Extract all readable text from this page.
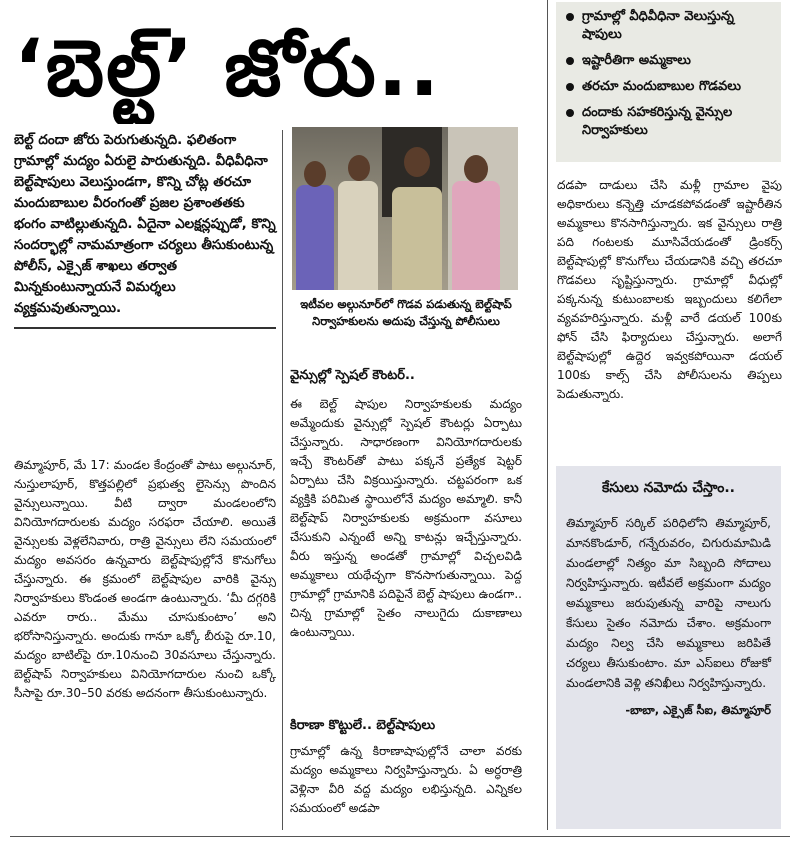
‘బెల్ట్’ జోరు..
గ్రామాల్లో వీధివీధినా వెలుస్తున్న షాపులు
ఇష్టారీతిగా అమ్మకాలు
తరచూ మందుబాబుల గొడవలు
దందాకు సహకరిస్తున్న వైన్సుల నిర్వాహకులు
బెల్ట్ దందా జోరు పెరుగుతున్నది. ఫలితంగా గ్రామాల్లో మద్యం ఏరులై పారుతున్నది. వీధివీధినా బెల్ట్‌షాపులు వెలుస్తుండగా, కొన్ని చోట్ల తరచూ మందుబాబుల వీరంగంతో ప్రజల ప్రశాంతతకు భంగం వాటిల్లుతున్నది. ఏదైనా ఎలక్షన్లప్పుడో, కొన్ని సందర్భాల్లో నామమాత్రంగా చర్యలు తీసుకుంటున్న పోలీస్, ఎక్సైజ్ శాఖలు తర్వాత మిన్నకుంటున్నాయనే విమర్శలు వ్యక్తమవుతున్నాయి.
తిమ్మాపూర్, మే 17: మండల కేంద్రంతో పాటు అల్గునూర్, నుస్తులాపూర్, కొత్తపల్లిలో ప్రభుత్వ లైసెన్సు పొందిన వైన్సులున్నాయి. వీటి ద్వారా మండలంలోని వినియోగదారులకు మద్యం సరఫరా చేయాలి. అయితే వైన్సులకు వెళ్లలేనివారు, రాత్రి వైన్సులు లేని సమయంలో మద్యం అవసరం ఉన్నవారు బెల్ట్‌షాపుల్లోనే కొనుగోలు చేస్తున్నారు. ఈ క్రమంలో బెల్ట్‌షాపుల వారికి వైన్సు నిర్వాహకులు కొండంత అండగా ఉంటున్నారు. ‘మీ దగ్గరికి ఎవరూ రారు.. మేము చూసుకుంటాం’ అని భరోసానిస్తున్నారు. అందుకు గానూ ఒక్కో బీరుపై రూ.10, మద్యం బాటిల్‌పై రూ.10నుంచి 30వసూలు చేస్తున్నారు. బెల్ట్‌షాప్ నిర్వాహకులు వినియోగదారుల నుంచి ఒక్కో సీసాపై రూ.30–50 వరకు అదనంగా తీసుకుంటున్నారు.
ఇటీవల అల్గునూర్‌లో గొడవ పడుతున్న బెల్ట్‌షాప్ నిర్వాహకులను అదుపు చేస్తున్న పోలీసులు
వైన్సుల్లో స్పెషల్ కౌంటర్..
ఈ బెల్ట్ షాపుల నిర్వాహకులకు మద్యం అమ్మేందుకు వైన్సుల్లో స్పెషల్ కౌంటర్లు ఏర్పాటు చేస్తున్నారు. సాధారణంగా వినియోగదారులకు ఇచ్చే కౌంటర్‌తో పాటు పక్కనే ప్రత్యేక షెట్టర్ ఏర్పాటు చేసి విక్రయిస్తున్నారు. చట్టపరంగా ఒక వ్యక్తికి పరిమిత స్థాయిలోనే మద్యం అమ్మాలి. కానీ బెల్ట్‌షాప్ నిర్వాహకులకు అక్రమంగా వసూలు చేసుకుని ఎన్నంటే అన్ని కాటన్లు ఇచ్చేస్తున్నారు. వీరు ఇస్తున్న అండతో గ్రామాల్లో విచ్చలవిడి అమ్మకాలు యథేచ్ఛగా కొనసాగుతున్నాయి. పెద్ద గ్రామాల్లో గ్రామానికి పదిపైనే బెల్ట్ షాపులు ఉండగా.. చిన్న గ్రామాల్లో సైతం నాలుగైదు దుకాణాలు ఉంటున్నాయి.
కిరాణా కొట్టులే.. బెల్ట్‌షాపులు
గ్రామాల్లో ఉన్న కిరాణాషాపుల్లోనే చాలా వరకు మద్యం అమ్మకాలు నిర్వహిస్తున్నారు. ఏ అర్ధరాత్రి వెళ్లినా వీరి వద్ద మద్యం లభిస్తున్నది. ఎన్నికల సమయంలో అడపా
దడపా దాడులు చేసి మళ్లీ గ్రామాల వైపు అధికారులు కన్నెత్తి చూడకపోవడంతో ఇష్టారీతిన అమ్మకాలు కొనసాగిస్తున్నారు. ఇక వైన్సులు రాత్రి పది గంటలకు మూసివేయడంతో డ్రింకర్స్ బెల్ట్‌షాపుల్లో కొనుగోలు చేయడానికి వచ్చి తరచూ గొడవలు సృష్టిస్తున్నారు. గ్రామాల్లో వీధుల్లో పక్కనున్న కుటుంబాలకు ఇబ్బందులు కలిగేలా వ్యవహరిస్తున్నారు. మళ్లీ వారే డయల్ 100కు ఫోన్ చేసి ఫిర్యాదులు చేస్తున్నారు. అలాగే బెల్ట్‌షాపుల్లో ఉద్దెర ఇవ్వకపోయినా డయల్ 100కు కాల్స్ చేసి పోలీసులను తిప్పలు పెడుతున్నారు.
కేసులు నమోదు చేస్తాం..
తిమ్మాపూర్ సర్కిల్ పరిధిలోని తిమ్మాపూర్, మానకొండూర్, గన్నేరువరం, చిగురుమామిడి మండలాల్లో నిత్యం మా సిబ్బంది సోదాలు నిర్వహిస్తున్నారు. ఇటీవలే అక్రమంగా మద్యం అమ్మకాలు జరుపుతున్న వారిపై నాలుగు కేసులు సైతం నమోదు చేశాం. అక్రమంగా మద్యం నిల్వ చేసి అమ్మకాలు జరిపితే చర్యలు తీసుకుంటాం. మా ఎస్‌ఐలు రోజుకో మండలానికి వెళ్లి తనిఖీలు నిర్వహిస్తున్నారు.
-బాబా, ఎక్సైజ్ సీఐ, తిమ్మాపూర్
